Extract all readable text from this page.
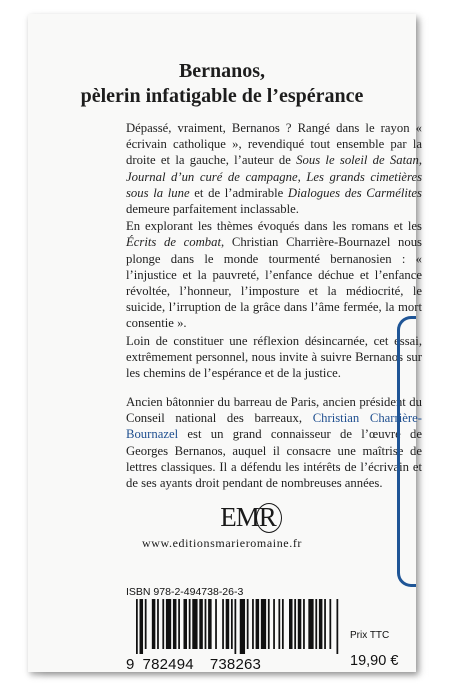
Bernanos,
pèlerin infatigable de l’espérance

Dépassé, vraiment, Bernanos ? Rangé dans le rayon « écrivain catholique », revendiqué tout ensemble par la droite et la gauche, l’auteur de Sous le soleil de Satan, Journal d’un curé de campagne, Les grands cimetières sous la lune et de l’admirable Dialogues des Carmélites demeure parfaitement inclassable.

En explorant les thèmes évoqués dans les romans et les Écrits de combat, Christian Charrière-Bournazel nous plonge dans le monde tourmenté bernanosien : « l’injustice et la pauvreté, l’enfance déchue et l’enfance révoltée, l’honneur, l’imposture et la médiocrité, le suicide, l’irruption de la grâce dans l’âme fermée, la mort consentie ».

Loin de constituer une réflexion désincarnée, cet essai, extrêmement personnel, nous invite à suivre Bernanos sur les chemins de l’espérance et de la justice.

Ancien bâtonnier du barreau de Paris, ancien président du Conseil national des barreaux, Christian Charrière-Bournazel est un grand connaisseur de l’œuvre de Georges Bernanos, auquel il consacre une maîtrise de lettres classiques. Il a défendu les intérêts de l’écrivain et de ses ayants droit pendant de nombreuses années.

EMR
www.editionsmarieromaine.fr
ISBN 978-2-494738-26-3
9 782494 738263
Prix TTC
19,90 €
